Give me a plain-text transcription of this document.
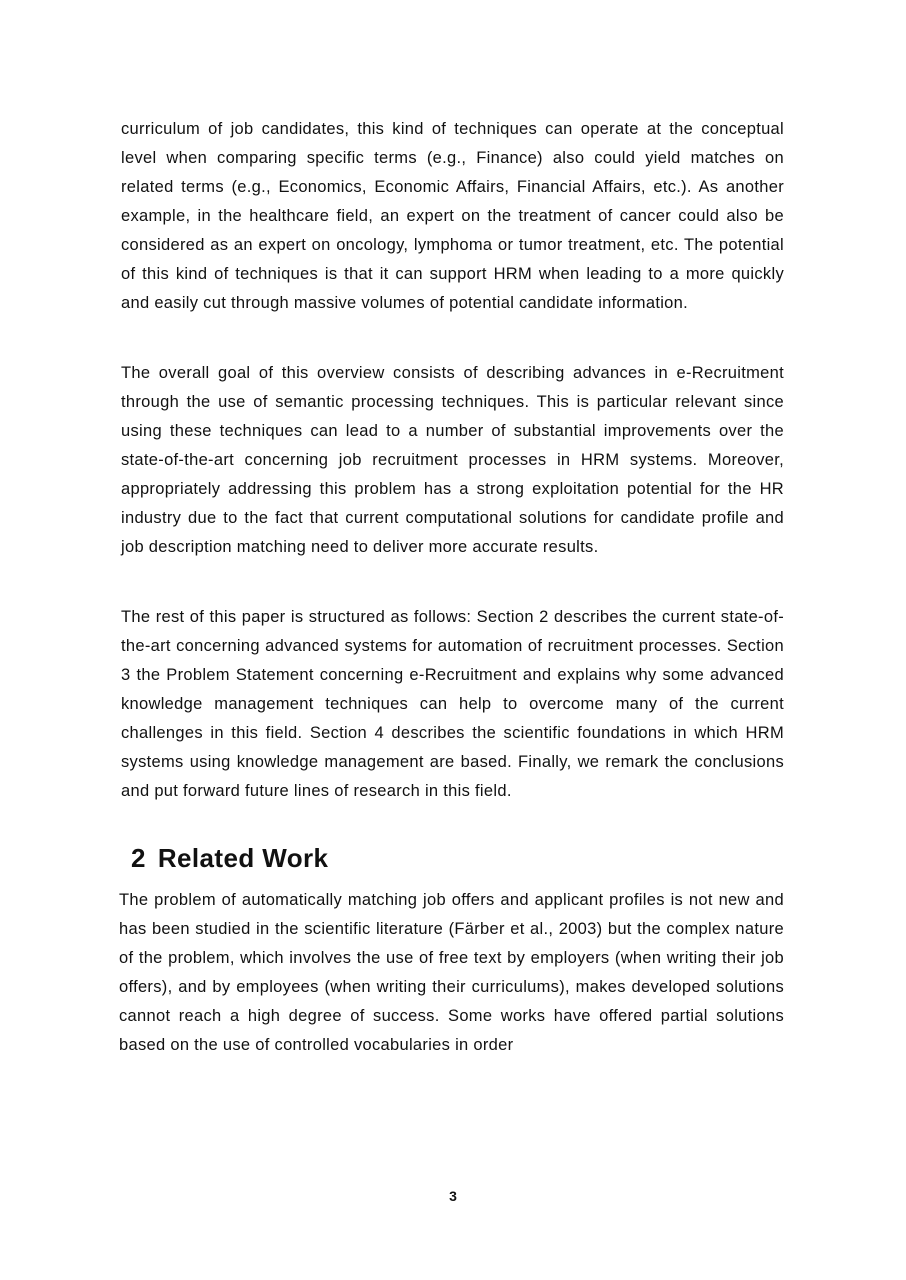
curriculum of job candidates, this kind of techniques can operate at the conceptual level when comparing specific terms (e.g., Finance) also could yield matches on related terms (e.g., Economics, Economic Affairs, Financial Affairs, etc.). As another example, in the healthcare field, an expert on the treatment of cancer could also be considered as an expert on oncology, lymphoma or tumor treatment, etc. The potential of this kind of techniques is that it can support HRM when leading to a more quickly and easily cut through massive volumes of potential candidate information.

The overall goal of this overview consists of describing advances in e-Recruitment through the use of semantic processing techniques. This is particular relevant since using these techniques can lead to a number of substantial improvements over the state-of-the-art concerning job recruitment processes in HRM systems. Moreover, appropriately addressing this problem has a strong exploitation potential for the HR industry due to the fact that current computational solutions for candidate profile and job description matching need to deliver more accurate results.

The rest of this paper is structured as follows: Section 2 describes the current state-of-the-art concerning advanced systems for automation of recruitment processes. Section 3 the Problem Statement concerning e-Recruitment and explains why some advanced knowledge management techniques can help to overcome many of the current challenges in this field. Section 4 describes the scientific foundations in which HRM systems using knowledge management are based. Finally, we remark the conclusions and put forward future lines of research in this field.

2 Related Work

The problem of automatically matching job offers and applicant profiles is not new and has been studied in the scientific literature (Färber et al., 2003) but the complex nature of the problem, which involves the use of free text by employers (when writing their job offers), and by employees (when writing their curriculums), makes developed solutions cannot reach a high degree of success. Some works have offered partial solutions based on the use of controlled vocabularies in order

3
